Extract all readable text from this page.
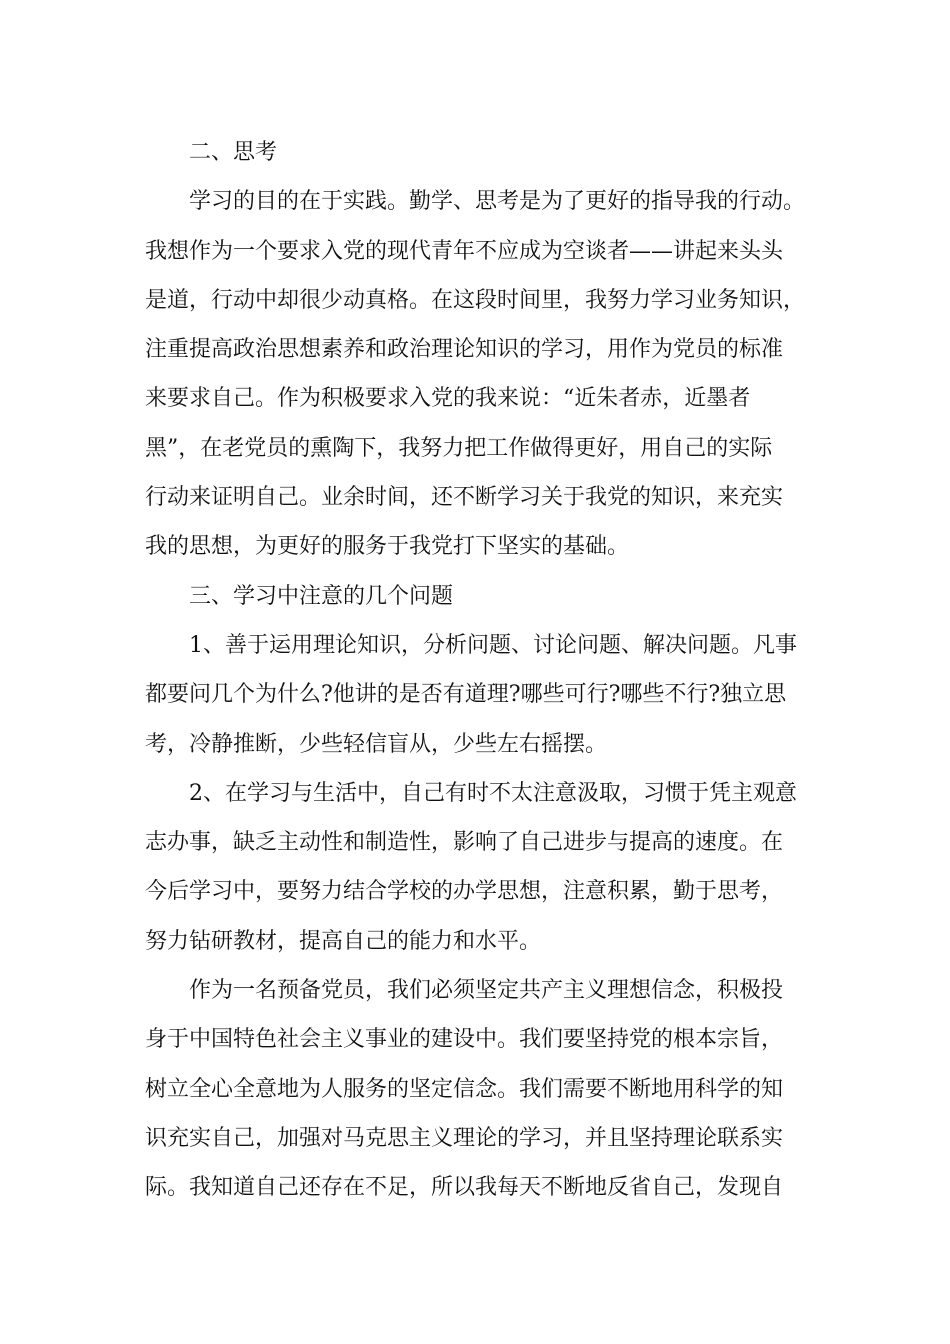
二、思考
学习的目的在于实践。勤学、思考是为了更好的指导我的行动。
我想作为一个要求入党的现代青年不应成为空谈者——讲起来头头
是道，行动中却很少动真格。在这段时间里，我努力学习业务知识，
注重提高政治思想素养和政治理论知识的学习，用作为党员的标准
来要求自己。作为积极要求入党的我来说：“近朱者赤，近墨者
黑”，在老党员的熏陶下，我努力把工作做得更好，用自己的实际
行动来证明自己。业余时间，还不断学习关于我党的知识，来充实
我的思想，为更好的服务于我党打下坚实的基础。
三、学习中注意的几个问题
1、善于运用理论知识，分析问题、讨论问题、解决问题。凡事
都要问几个为什么?他讲的是否有道理?哪些可行?哪些不行?独立思
考，冷静推断，少些轻信盲从，少些左右摇摆。
2、在学习与生活中，自己有时不太注意汲取，习惯于凭主观意
志办事，缺乏主动性和制造性，影响了自己进步与提高的速度。在
今后学习中，要努力结合学校的办学思想，注意积累，勤于思考，
努力钻研教材，提高自己的能力和水平。
作为一名预备党员，我们必须坚定共产主义理想信念，积极投
身于中国特色社会主义事业的建设中。我们要坚持党的根本宗旨，
树立全心全意地为人服务的坚定信念。我们需要不断地用科学的知
识充实自己，加强对马克思主义理论的学习，并且坚持理论联系实
际。我知道自己还存在不足，所以我每天不断地反省自己，发现自
